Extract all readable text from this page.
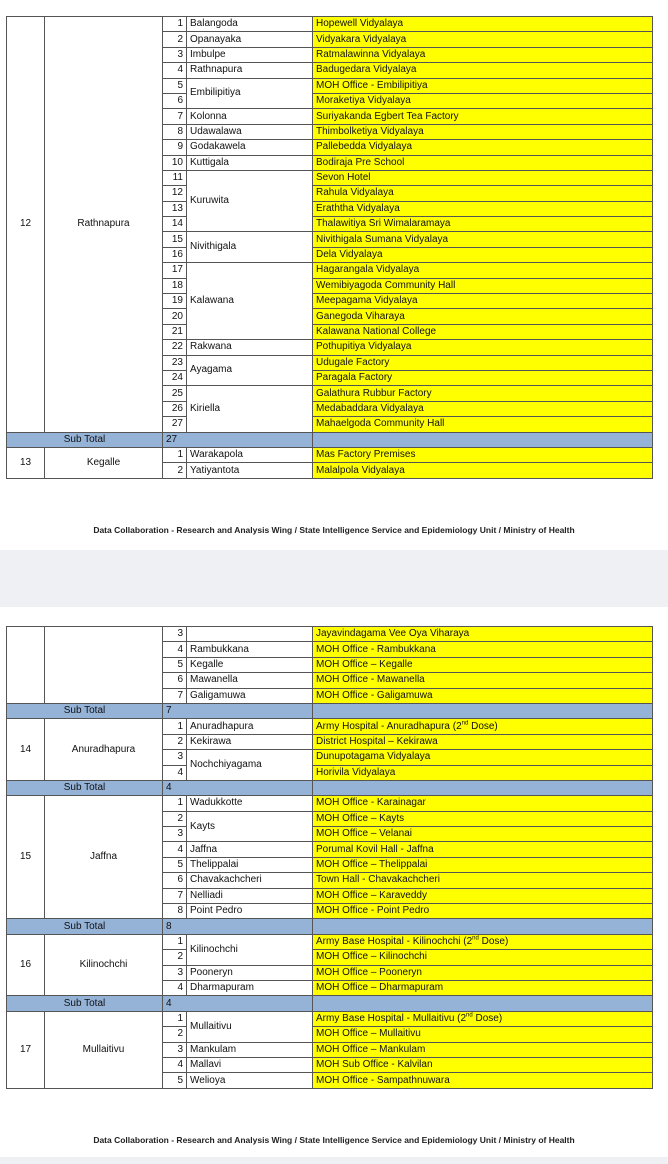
12	Rathnapura	1	Balangoda	Hopewell Vidyalaya
		2	Opanayaka	Vidyakara Vidyalaya
		3	Imbulpe	Ratmalawinna Vidyalaya
		4	Rathnapura	Badugedara Vidyalaya
		5	Embilipitiya	MOH Office - Embilipitiya
		6		Moraketiya Vidyalaya
		7	Kolonna	Suriyakanda Egbert Tea Factory
		8	Udawalawa	Thimbolketiya Vidyalaya
		9	Godakawela	Pallebedda Vidyalaya
		10	Kuttigala	Bodiraja Pre School
		11	Kuruwita	Sevon Hotel
		12		Rahula Vidyalaya
		13		Eraththa Vidyalaya
		14		Thalawitiya Sri Wimalaramaya
		15	Nivithigala	Nivithigala Sumana Vidyalaya
		16		Dela Vidyalaya
		17	Kalawana	Hagarangala Vidyalaya
		18		Wemibiyagoda Community Hall
		19		Meepagama Vidyalaya
		20		Ganegoda Viharaya
		21		Kalawana National College
		22	Rakwana	Pothupitiya Vidyalaya
		23	Ayagama	Udugale Factory
		24		Paragala Factory
		25	Kiriella	Galathura Rubbur Factory
		26		Medabaddara Vidyalaya
		27		Mahaelgoda Community Hall
Sub Total		27		
13	Kegalle	1	Warakapola	Mas Factory Premises
		2	Yatiyantota	Malalpola Vidyalaya
Data Collaboration - Research and Analysis Wing / State Intelligence Service and Epidemiology Unit / Ministry of Health
		3		Jayavindagama Vee Oya Viharaya
		4	Rambukkana	MOH Office - Rambukkana
		5	Kegalle	MOH Office – Kegalle
		6	Mawanella	MOH Office - Mawanella
		7	Galigamuwa	MOH Office - Galigamuwa
Sub Total		7		
14	Anuradhapura	1	Anuradhapura	Army Hospital - Anuradhapura (2nd Dose)
		2	Kekirawa	District Hospital – Kekirawa
		3	Nochchiyagama	Dunupotagama Vidyalaya
		4		Horivila Vidyalaya
Sub Total		4		
15	Jaffna	1	Wadukkotte	MOH Office - Karainagar
		2	Kayts	MOH Office – Kayts
		3		MOH Office – Velanai
		4	Jaffna	Porumal Kovil Hall - Jaffna
		5	Thelippalai	MOH Office – Thelippalai
		6	Chavakachcheri	Town Hall - Chavakachcheri
		7	Nelliadi	MOH Office – Karaveddy
		8	Point Pedro	MOH Office - Point Pedro
Sub Total		8		
16	Kilinochchi	1	Kilinochchi	Army Base Hospital - Kilinochchi (2nd Dose)
		2		MOH Office – Kilinochchi
		3	Pooneryn	MOH Office – Pooneryn
		4	Dharmapuram	MOH Office – Dharmapuram
Sub Total		4		
17	Mullaitivu	1	Mullaitivu	Army Base Hospital - Mullaitivu (2nd Dose)
		2		MOH Office – Mullaitivu
		3	Mankulam	MOH Office – Mankulam
		4	Mallavi	MOH Sub Office - Kalvilan
		5	Welioya	MOH Office - Sampathnuwara
Data Collaboration - Research and Analysis Wing / State Intelligence Service and Epidemiology Unit / Ministry of Health
